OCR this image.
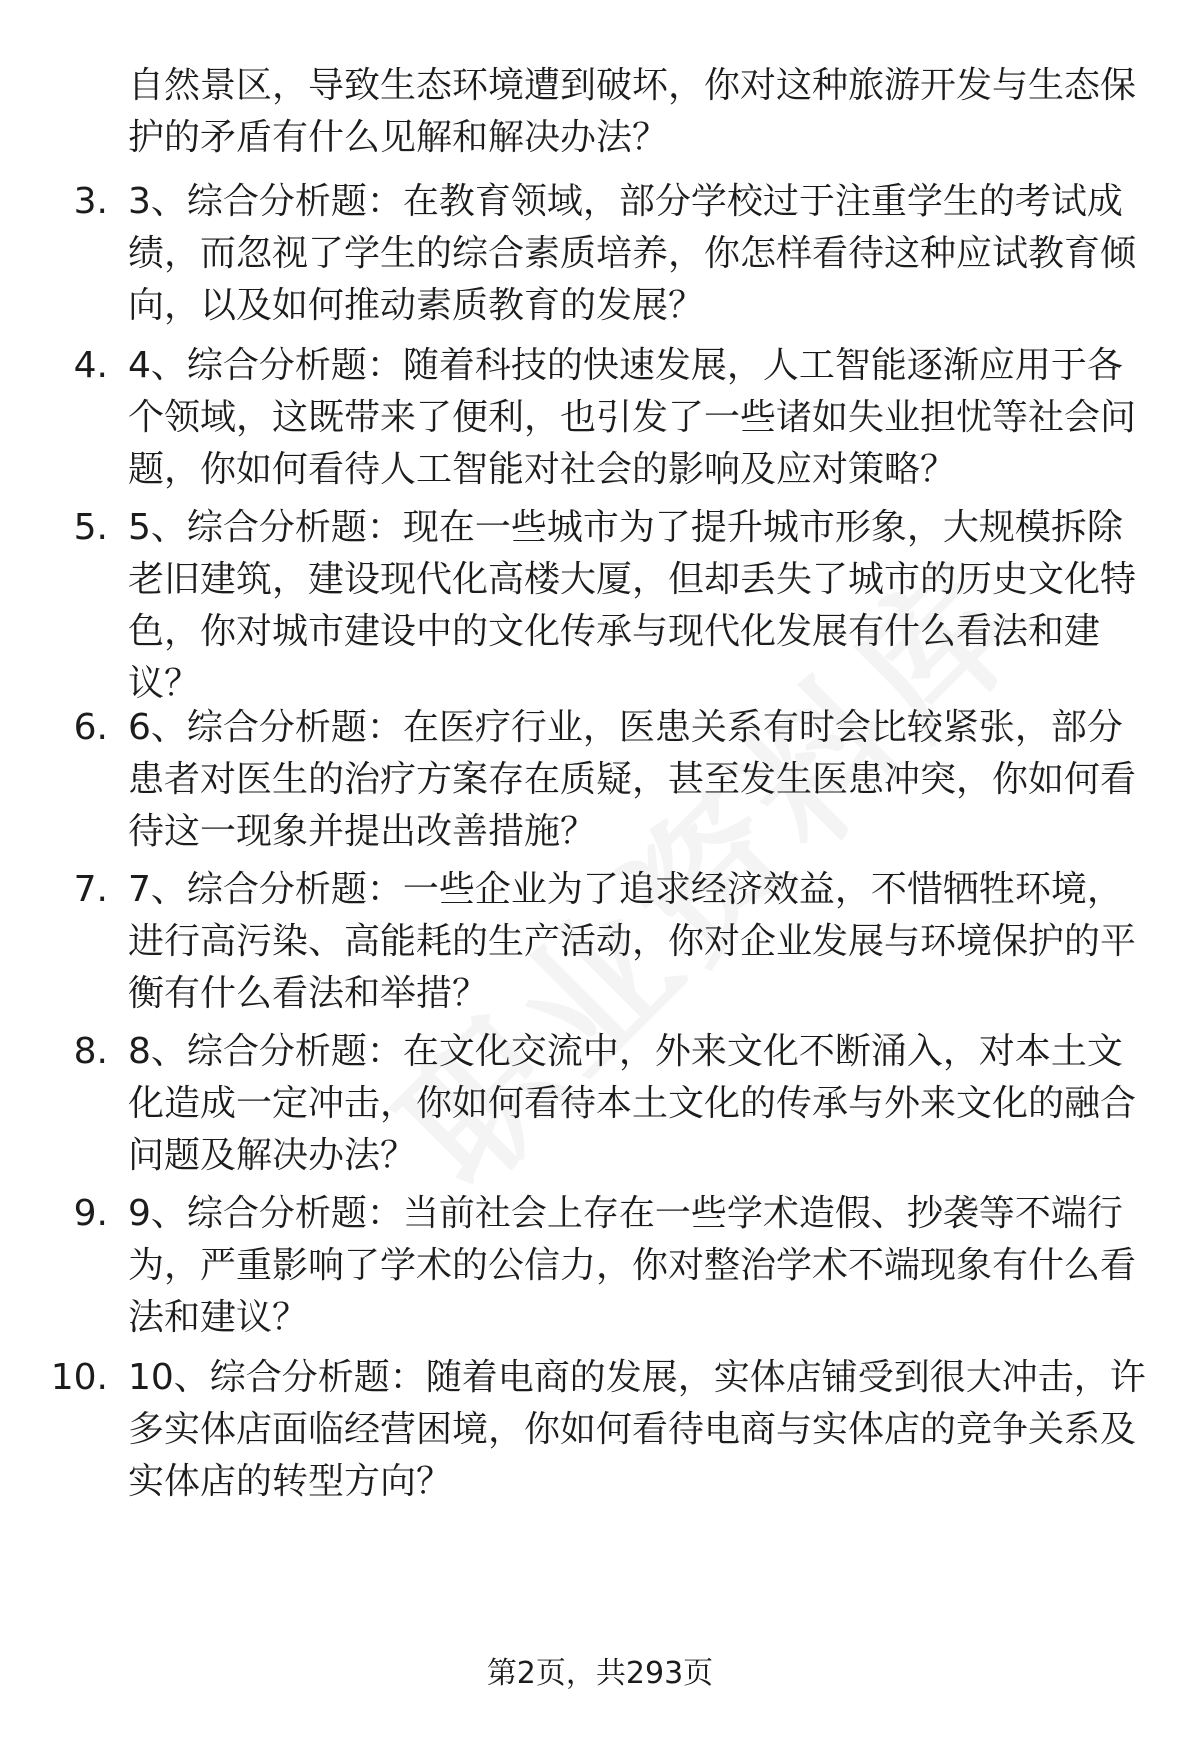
自然景区，导致生态环境遭到破坏，你对这种旅游开发与生态保护的矛盾有什么见解和解决办法？
3. 3、综合分析题：在教育领域，部分学校过于注重学生的考试成绩，而忽视了学生的综合素质培养，你怎样看待这种应试教育倾向，以及如何推动素质教育的发展？
4. 4、综合分析题：随着科技的快速发展，人工智能逐渐应用于各个领域，这既带来了便利，也引发了一些诸如失业担忧等社会问题，你如何看待人工智能对社会的影响及应对策略？
5. 5、综合分析题：现在一些城市为了提升城市形象，大规模拆除老旧建筑，建设现代化高楼大厦，但却丢失了城市的历史文化特色，你对城市建设中的文化传承与现代化发展有什么看法和建议？
6. 6、综合分析题：在医疗行业，医患关系有时会比较紧张，部分患者对医生的治疗方案存在质疑，甚至发生医患冲突，你如何看待这一现象并提出改善措施？
7. 7、综合分析题：一些企业为了追求经济效益，不惜牺牲环境，进行高污染、高能耗的生产活动，你对企业发展与环境保护的平衡有什么看法和举措？
8. 8、综合分析题：在文化交流中，外来文化不断涌入，对本土文化造成一定冲击，你如何看待本土文化的传承与外来文化的融合问题及解决办法？
9. 9、综合分析题：当前社会上存在一些学术造假、抄袭等不端行为，严重影响了学术的公信力，你对整治学术不端现象有什么看法和建议？
10. 10、综合分析题：随着电商的发展，实体店铺受到很大冲击，许多实体店面临经营困境，你如何看待电商与实体店的竞争关系及实体店的转型方向？
第2页，共293页
